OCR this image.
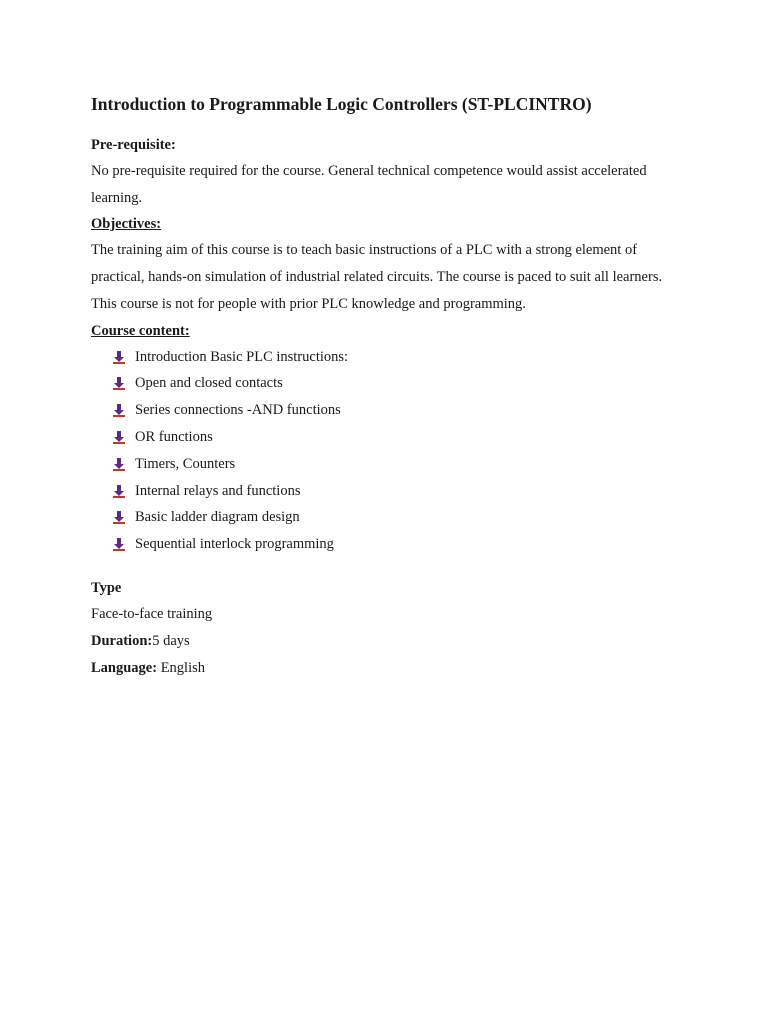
Introduction to Programmable Logic Controllers (ST-PLCINTRO)

Pre-requisite:

No pre-requisite required for the course. General technical competence would assist accelerated learning.

Objectives:

The training aim of this course is to teach basic instructions of a PLC with a strong element of practical, hands-on simulation of industrial related circuits. The course is paced to suit all learners. This course is not for people with prior PLC knowledge and programming.

Course content:

Introduction Basic PLC instructions:
Open and closed contacts
Series connections -AND functions
OR functions
Timers, Counters
Internal relays and functions
Basic ladder diagram design
Sequential interlock programming

Type

Face-to-face training

Duration:5 days

Language: English
